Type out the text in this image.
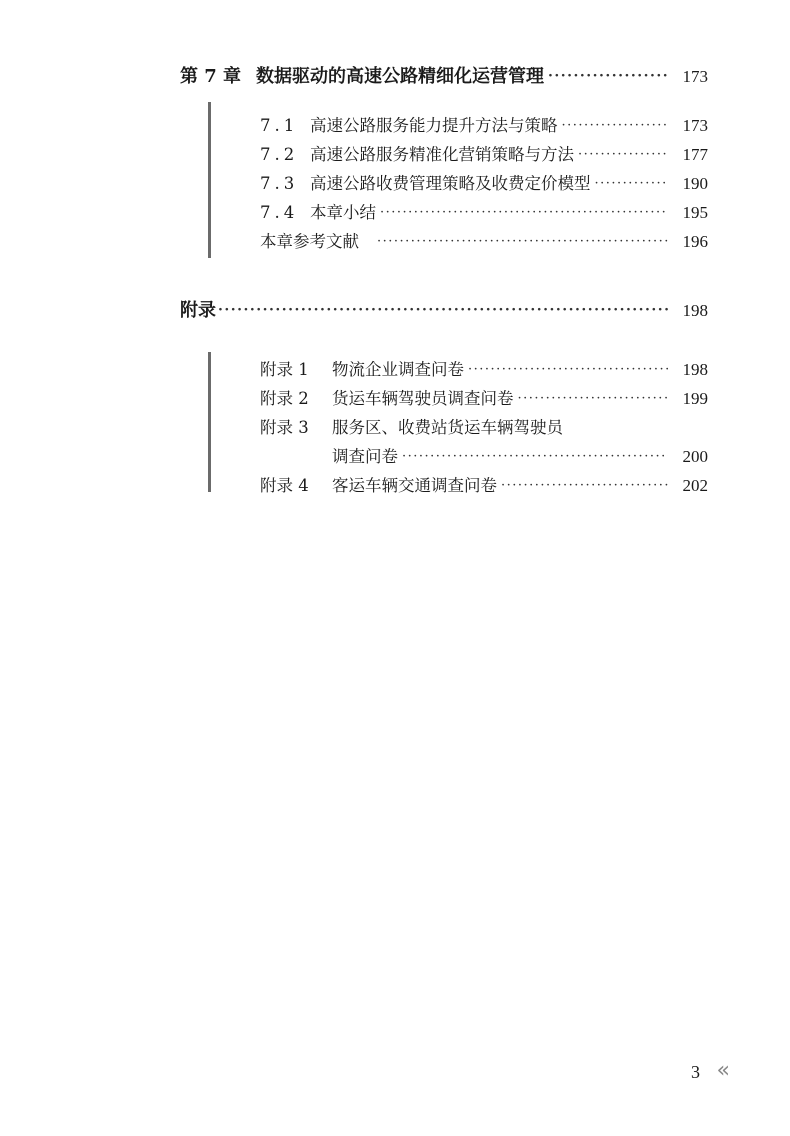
第 7 章 数据驱动的高速公路精细化运营管理 ·····	173
7.1 高速公路服务能力提升方法与策略 ·····	173
7.2 高速公路服务精准化营销策略与方法 ·····	177
7.3 高速公路收费管理策略及收费定价模型 ·····	190
7.4 本章小结 ·····	195
本章参考文献 ·····	196
附录 ·····	198
附录 1	物流企业调查问卷 ·····	198
附录 2	货运车辆驾驶员调查问卷 ·····	199
附录 3	服务区、收费站货运车辆驾驶员
调查问卷 ·····	200
附录 4	客运车辆交通调查问卷 ·····	202
3 «
